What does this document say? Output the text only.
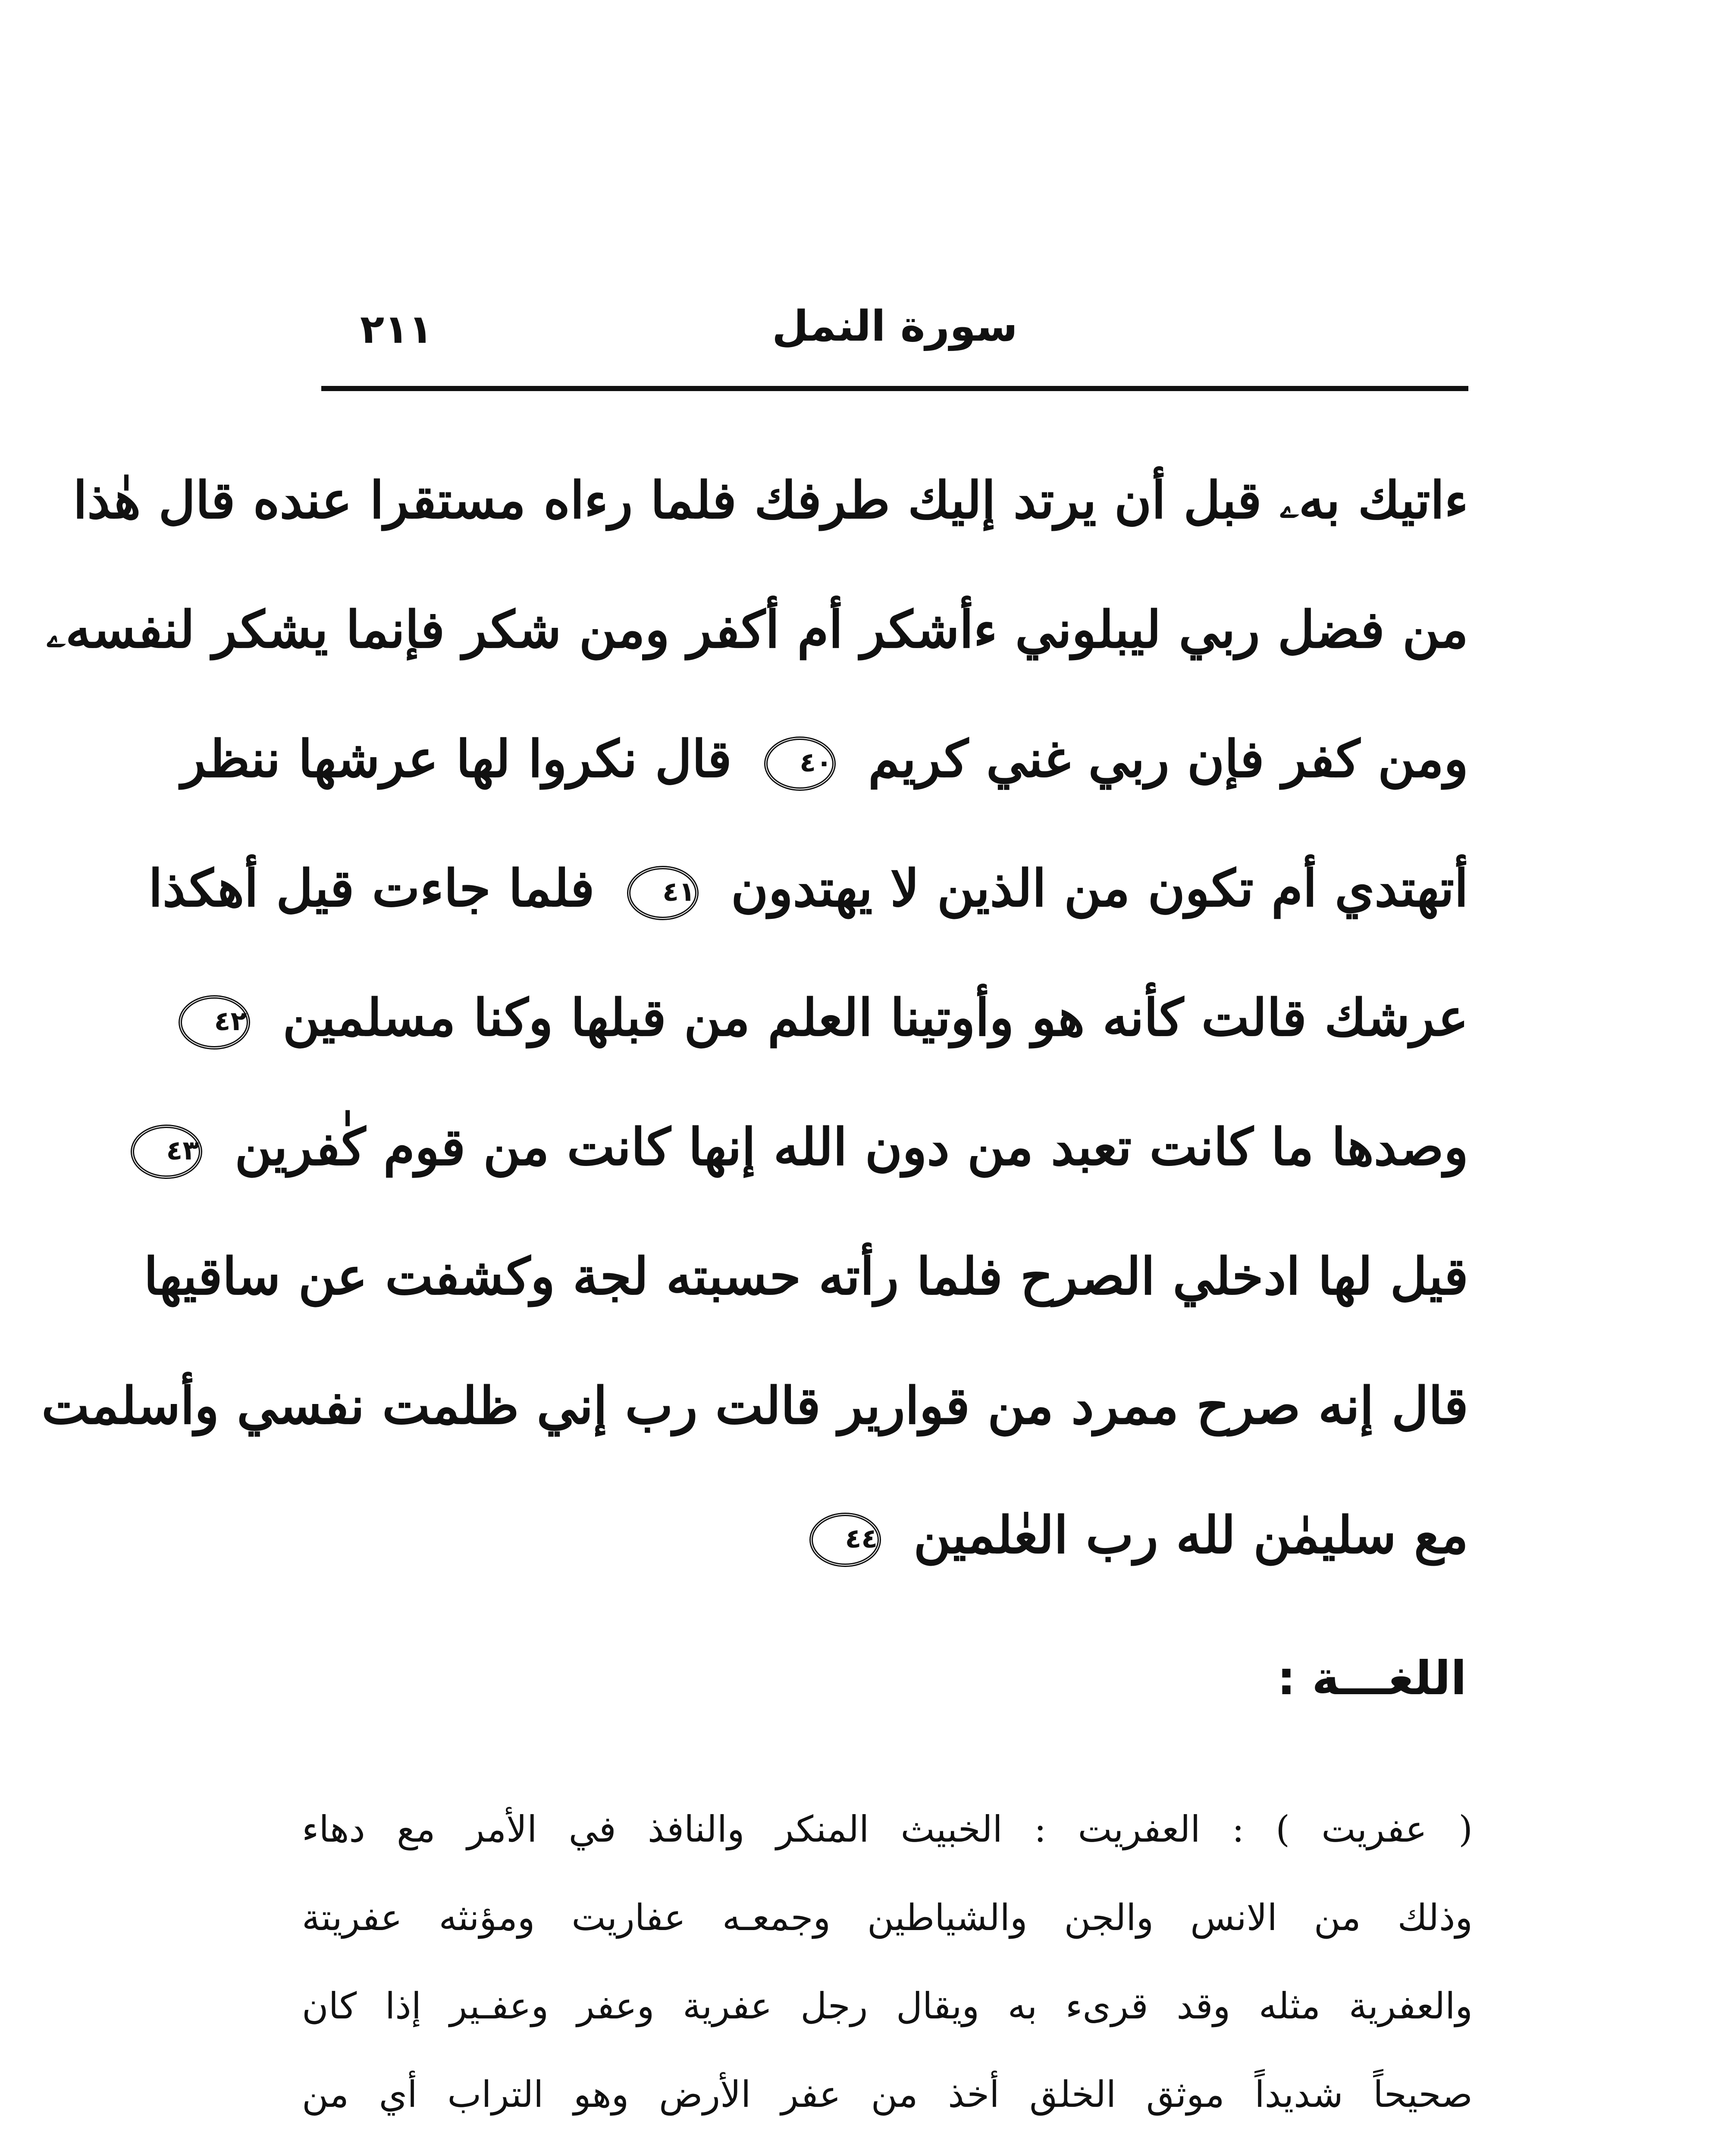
٢١١	سورة النمل
ءاتيك بهۦ قبل أن يرتد إليك طرفك فلما رءاه مستقرا عنده قال هٰذا
من فضل ربي ليبلوني ءأشكر أم أكفر ومن شكر فإنما يشكر لنفسهۦ
ومن كفر فإن ربي غني كريم ٤٠ قال نكروا لها عرشها ننظر
أتهتدي أم تكون من الذين لا يهتدون ٤١ فلما جاءت قيل أهكذا
عرشك قالت كأنه هو وأوتينا العلم من قبلها وكنا مسلمين ٤٢
وصدها ما كانت تعبد من دون الله إنها كانت من قوم كٰفرين ٤٣
قيل لها ادخلي الصرح فلما رأته حسبته لجة وكشفت عن ساقيها
قال إنه صرح ممرد من قوارير قالت رب إني ظلمت نفسي وأسلمت
مع سليمٰن لله رب العٰلمين ٤٤
اللغـــة :
( عفريت ) : العفريت : الخبيث المنكر والنافذ في الأمر مع دهاء
وذلك من الانس والجن والشياطين وجمعـه عفاريت ومؤنثه عفريتة
والعفرية مثله وقد قرىء به ويقال رجل عفرية وعفر وعفـير إذا كان
صحيحاً شديداً موثق الخلق أخذ من عفر الأرض وهو التراب أي من
